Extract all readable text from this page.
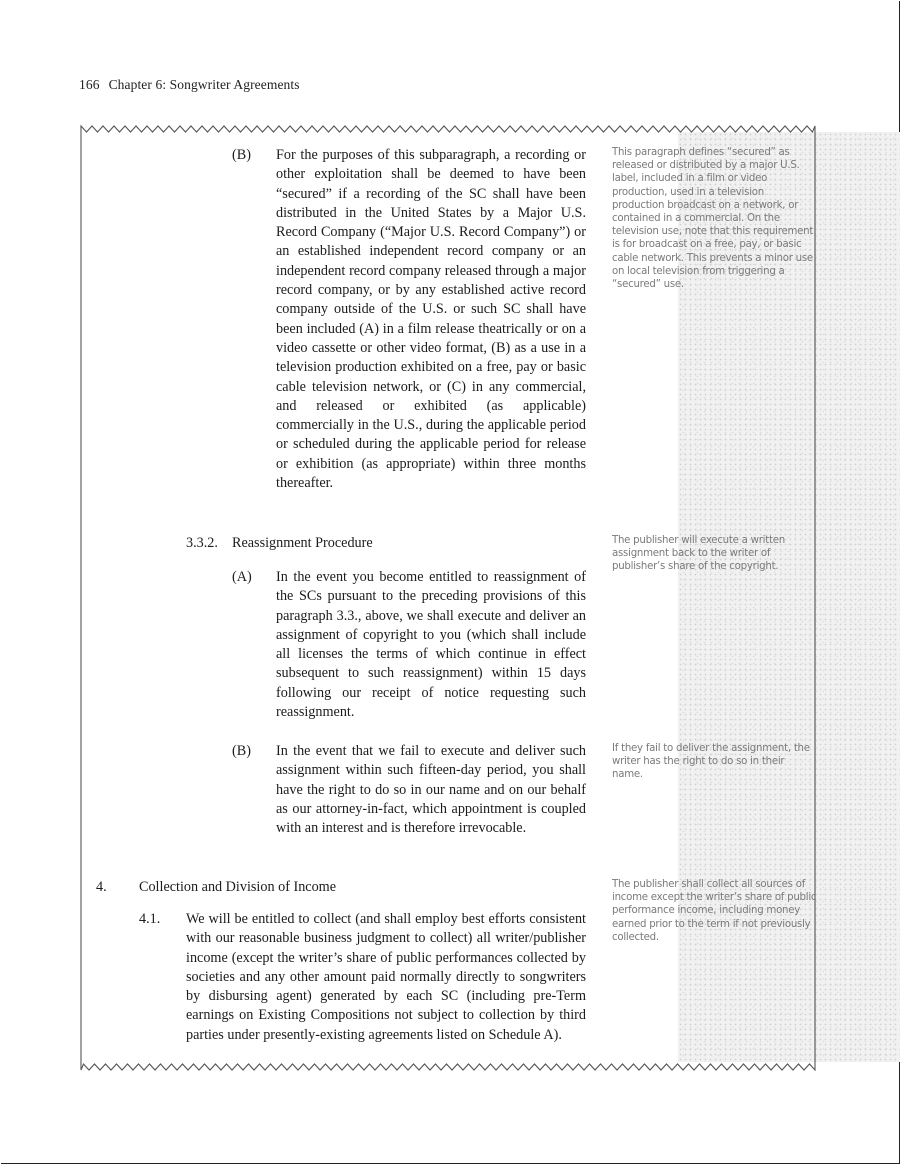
166 Chapter 6: Songwriter Agreements
(B) For the purposes of this subparagraph, a recording or other exploitation shall be deemed to have been “secured” if a recording of the SC shall have been distributed in the United States by a Major U.S. Record Company (“Major U.S. Record Company”) or an established independent record company or an independent record company released through a major record company, or by any established active record company outside of the U.S. or such SC shall have been included (A) in a film release theatrically or on a video cassette or other video format, (B) as a use in a television production exhibited on a free, pay or basic cable television network, or (C) in any commercial, and released or exhibited (as applicable) commercially in the U.S., during the applicable period or scheduled during the applicable period for release or exhibition (as appropriate) within three months thereafter.
3.3.2. Reassignment Procedure
(A) In the event you become entitled to reassignment of the SCs pursuant to the preceding provisions of this paragraph 3.3., above, we shall execute and deliver an assignment of copyright to you (which shall include all licenses the terms of which continue in effect subsequent to such reassignment) within 15 days following our receipt of notice requesting such reassignment.
(B) In the event that we fail to execute and deliver such assignment within such fifteen-day period, you shall have the right to do so in our name and on our behalf as our attorney-in-fact, which appointment is coupled with an interest and is therefore irrevocable.
4. Collection and Division of Income
4.1. We will be entitled to collect (and shall employ best efforts consistent with our reasonable business judgment to collect) all writer/publisher income (except the writer’s share of public performances collected by societies and any other amount paid normally directly to songwriters by disbursing agent) generated by each SC (including pre-Term earnings on Existing Compositions not subject to collection by third parties under presently-existing agreements listed on Schedule A).
This paragraph defines “secured” as released or distributed by a major U.S. label, included in a film or video production, used in a television production broadcast on a network, or contained in a commercial. On the television use, note that this requirement is for broadcast on a free, pay, or basic cable network. This prevents a minor use on local television from triggering a “secured” use.
The publisher will execute a written assignment back to the writer of publisher’s share of the copyright.
If they fail to deliver the assignment, the writer has the right to do so in their name.
The publisher shall collect all sources of income except the writer’s share of public performance income, including money earned prior to the term if not previously collected.
